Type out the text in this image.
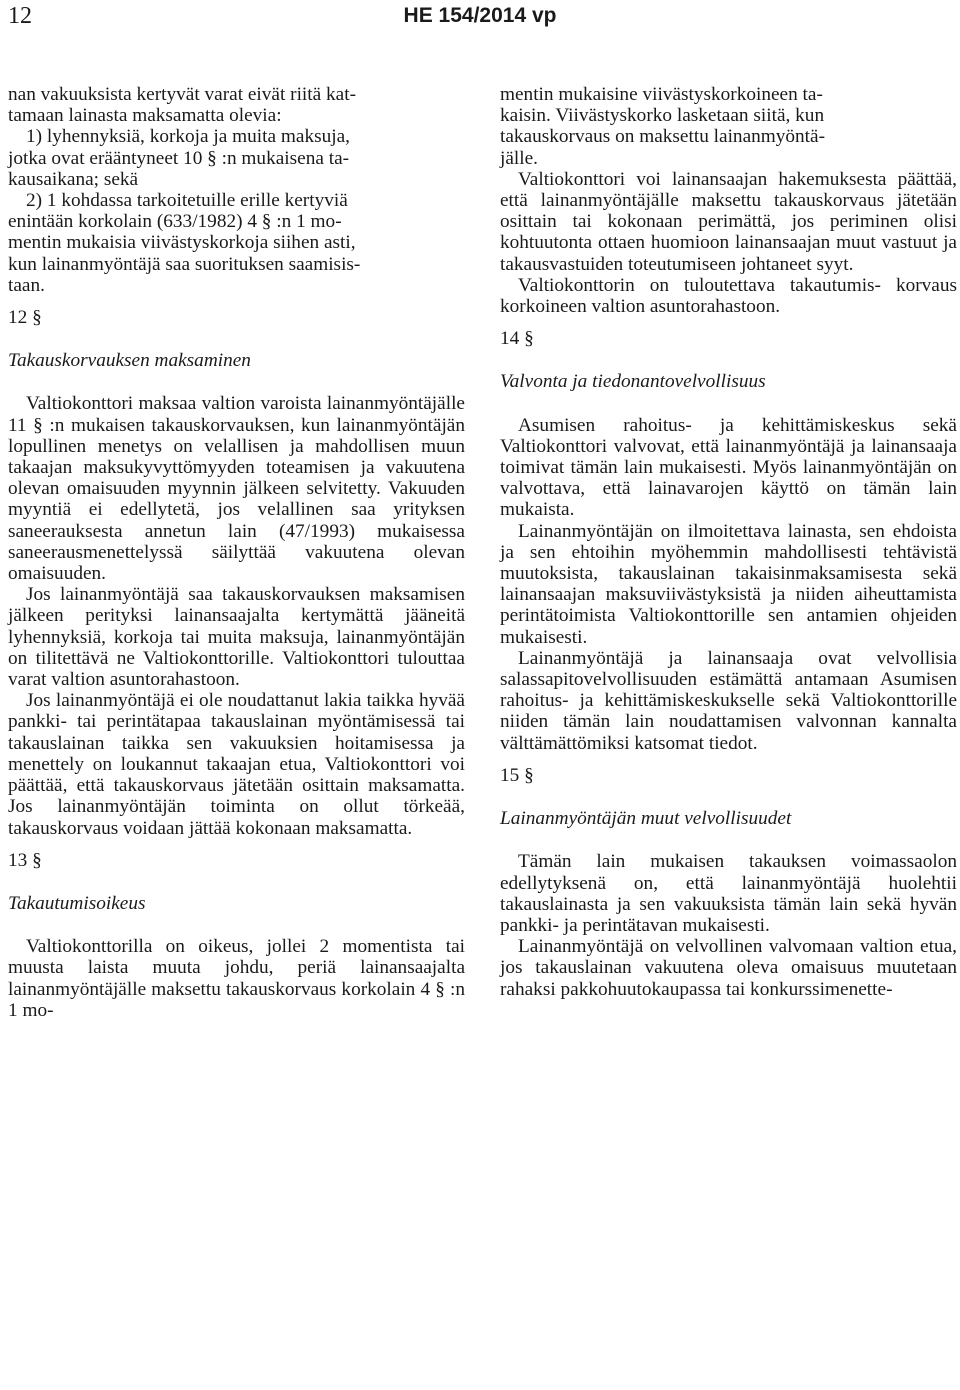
12	HE 154/2014 vp

nan vakuuksista kertyvät varat eivät riitä kat-

tamaan lainasta maksamatta olevia:

1) lyhennyksiä, korkoja ja muita maksuja,

jotka ovat erääntyneet 10 § :n mukaisena ta-

kausaikana; sekä

2) 1 kohdassa tarkoitetuille erille kertyviä

enintään korkolain (633/1982) 4 § :n 1 mo-

mentin mukaisia viivästyskorkoja siihen asti,

kun lainanmyöntäjä saa suorituksen saamisis-

taan.

12 §

Takauskorvauksen maksaminen

Valtiokonttori maksaa valtion varoista lainanmyöntäjälle 11 § :n mukaisen takauskorvauksen, kun lainanmyöntäjän lopullinen menetys on velallisen ja mahdollisen muun takaajan maksukyvyttömyyden toteamisen ja vakuutena olevan omaisuuden myynnin jälkeen selvitetty. Vakuuden myyntiä ei edellytetä, jos velallinen saa yrityksen saneerauksesta annetun lain (47/1993) mukaisessa saneerausmenettelyssä säilyttää vakuutena olevan omaisuuden.

Jos lainanmyöntäjä saa takauskorvauksen maksamisen jälkeen perityksi lainansaajalta kertymättä jääneitä lyhennyksiä, korkoja tai muita maksuja, lainanmyöntäjän on tilitettävä ne Valtiokonttorille. Valtiokonttori tulouttaa varat valtion asuntorahastoon.

Jos lainanmyöntäjä ei ole noudattanut lakia taikka hyvää pankki- tai perintätapaa takauslainan myöntämisessä tai takauslainan taikka sen vakuuksien hoitamisessa ja menettely on loukannut takaajan etua, Valtiokonttori voi päättää, että takauskorvaus jätetään osittain maksamatta. Jos lainanmyöntäjän toiminta on ollut törkeää, takauskorvaus voidaan jättää kokonaan maksamatta.

13 §

Takautumisoikeus

Valtiokonttorilla on oikeus, jollei 2 momentista tai muusta laista muuta johdu, periä lainansaajalta lainanmyöntäjälle maksettu takauskorvaus korkolain 4 § :n 1 mo-

mentin mukaisine viivästyskorkoineen ta-

kaisin. Viivästyskorko lasketaan siitä, kun

takauskorvaus on maksettu lainanmyöntä-

jälle.

Valtiokonttori voi lainansaajan hakemuksesta päättää, että lainanmyöntäjälle maksettu takauskorvaus jätetään osittain tai kokonaan perimättä, jos periminen olisi kohtuutonta ottaen huomioon lainansaajan muut vastuut ja takausvastuiden toteutumiseen johtaneet syyt.

Valtiokonttorin on tuloutettava takautumis- korvaus korkoineen valtion asuntorahastoon.

14 §

Valvonta ja tiedonantovelvollisuus

Asumisen rahoitus- ja kehittämiskeskus sekä Valtiokonttori valvovat, että lainanmyöntäjä ja lainansaaja toimivat tämän lain mukaisesti. Myös lainanmyöntäjän on valvottava, että lainavarojen käyttö on tämän lain mukaista.

Lainanmyöntäjän on ilmoitettava lainasta, sen ehdoista ja sen ehtoihin myöhemmin mahdollisesti tehtävistä muutoksista, takauslainan takaisinmaksamisesta sekä lainansaajan maksuviivästyksistä ja niiden aiheuttamista perintätoimista Valtiokonttorille sen antamien ohjeiden mukaisesti.

Lainanmyöntäjä ja lainansaaja ovat velvollisia salassapitovelvollisuuden estämättä antamaan Asumisen rahoitus- ja kehittämiskeskukselle sekä Valtiokonttorille niiden tämän lain noudattamisen valvonnan kannalta välttämättömiksi katsomat tiedot.

15 §

Lainanmyöntäjän muut velvollisuudet

Tämän lain mukaisen takauksen voimassaolon edellytyksenä on, että lainanmyöntäjä huolehtii takauslainasta ja sen vakuuksista tämän lain sekä hyvän pankki- ja perintätavan mukaisesti.

Lainanmyöntäjä on velvollinen valvomaan valtion etua, jos takauslainan vakuutena oleva omaisuus muutetaan rahaksi pakkohuutokaupassa tai konkurssimenette-
